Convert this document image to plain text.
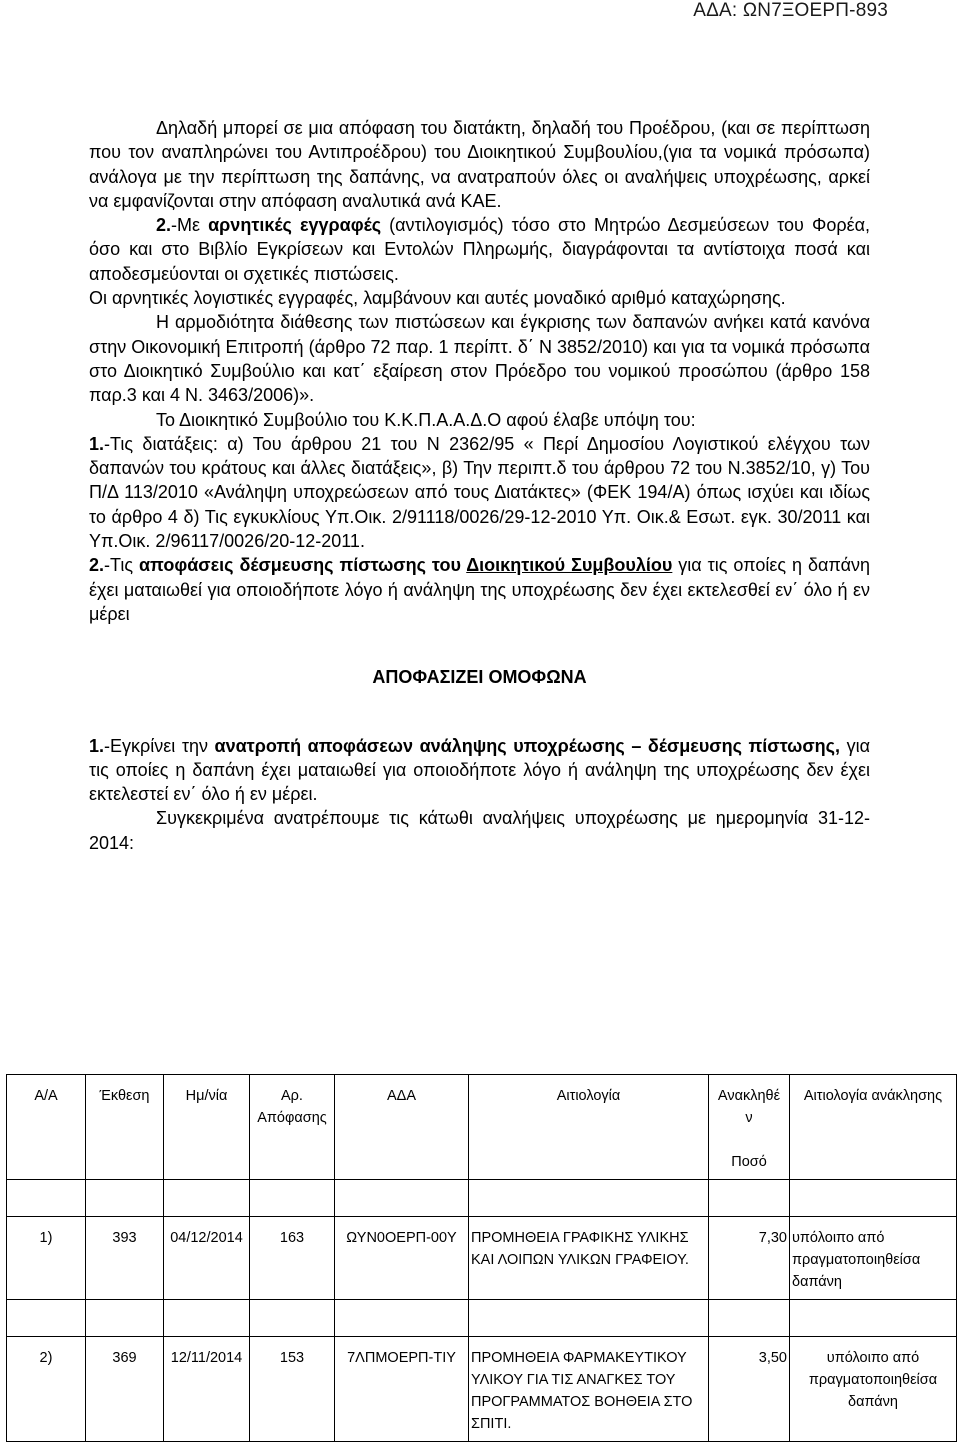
ΑΔΑ: ΩΝ7ΞΟΕΡΠ-893

Δηλαδή μπορεί σε μια απόφαση του διατάκτη, δηλαδή του Προέδρου, (και σε περίπτωση που τον αναπληρώνει του Αντιπροέδρου) του Διοικητικού Συμβουλίου,(για τα νομικά πρόσωπα) ανάλογα με την περίπτωση της δαπάνης, να ανατραπούν όλες οι αναλήψεις υποχρέωσης, αρκεί να εμφανίζονται στην απόφαση αναλυτικά ανά ΚΑΕ.

2.-Με αρνητικές εγγραφές (αντιλογισμός) τόσο στο Μητρώο Δεσμεύσεων του Φορέα, όσο και στο Βιβλίο Εγκρίσεων και Εντολών Πληρωμής, διαγράφονται τα αντίστοιχα ποσά και αποδεσμεύονται οι σχετικές πιστώσεις.

Οι αρνητικές λογιστικές εγγραφές, λαμβάνουν και αυτές μοναδικό αριθμό καταχώρησης.

Η αρμοδιότητα διάθεσης των πιστώσεων και έγκρισης των δαπανών ανήκει κατά κανόνα στην Οικονομική Επιτροπή (άρθρο 72 παρ. 1 περίπτ. δ΄ Ν 3852/2010) και για τα νομικά πρόσωπα στο Διοικητικό Συμβούλιο και κατ΄ εξαίρεση στον Πρόεδρο του νομικού προσώπου (άρθρο 158 παρ.3 και 4 Ν. 3463/2006)».

Το Διοικητικό Συμβούλιο του Κ.Κ.Π.Α.Α.Δ.Ο αφού έλαβε υπόψη του:

1.-Τις διατάξεις: α) Του άρθρου 21 του Ν 2362/95 « Περί Δημοσίου Λογιστικού ελέγχου των δαπανών του κράτους και άλλες διατάξεις», β) Την περιπτ.δ του άρθρου 72 του Ν.3852/10, γ) Του Π/Δ 113/2010 «Ανάληψη υποχρεώσεων από τους Διατάκτες» (ΦΕΚ 194/Α) όπως ισχύει και ιδίως το άρθρο 4 δ) Τις εγκυκλίους Υπ.Οικ. 2/91118/0026/29-12-2010 Υπ. Οικ.& Εσωτ. εγκ. 30/2011 και Υπ.Οικ. 2/96117/0026/20-12-2011.

2.-Τις αποφάσεις δέσμευσης πίστωσης του Διοικητικού Συμβουλίου για τις οποίες η δαπάνη έχει ματαιωθεί για οποιοδήποτε λόγο ή ανάληψη της υποχρέωσης δεν έχει εκτελεσθεί εν΄ όλο ή εν μέρει

ΑΠΟΦΑΣΙΖΕΙ ΟΜΟΦΩΝΑ

1.-Εγκρίνει την ανατροπή αποφάσεων ανάληψης υποχρέωσης – δέσμευσης πίστωσης, για τις οποίες η δαπάνη έχει ματαιωθεί για οποιοδήποτε λόγο ή ανάληψη της υποχρέωσης δεν έχει εκτελεστεί εν΄ όλο ή εν μέρει.

Συγκεκριμένα ανατρέπουμε τις κάτωθι αναλήψεις υποχρέωσης με ημερομηνία 31-12-2014:

Α/Α	Έκθεση	Ημ/νία	Αρ.
Απόφασης	ΑΔΑ	Αιτιολογία	Ανακληθέ
ν
Ποσό	Αιτιολογία ανάκλησης

1)	393	04/12/2014	163	ΩΥΝ0ΟΕΡΠ-00Υ	ΠΡΟΜΗΘΕΙΑ ΓΡΑΦΙΚΗΣ ΥΛΙΚΗΣ ΚΑΙ ΛΟΙΠΩΝ ΥΛΙΚΩΝ ΓΡΑΦΕΙΟΥ.	7,30	υπόλοιπο από πραγματοποιηθείσα δαπάνη

2)	369	12/11/2014	153	7ΛΠΜΟΕΡΠ-ΤΙΥ	ΠΡΟΜΗΘΕΙΑ ΦΑΡΜΑΚΕΥΤΙΚΟΥ ΥΛΙΚΟΥ ΓΙΑ ΤΙΣ ΑΝΑΓΚΕΣ ΤΟΥ ΠΡΟΓΡΑΜΜΑΤΟΣ ΒΟΗΘΕΙΑ ΣΤΟ ΣΠΙΤΙ.	3,50	υπόλοιπο από πραγματοποιηθείσα δαπάνη
